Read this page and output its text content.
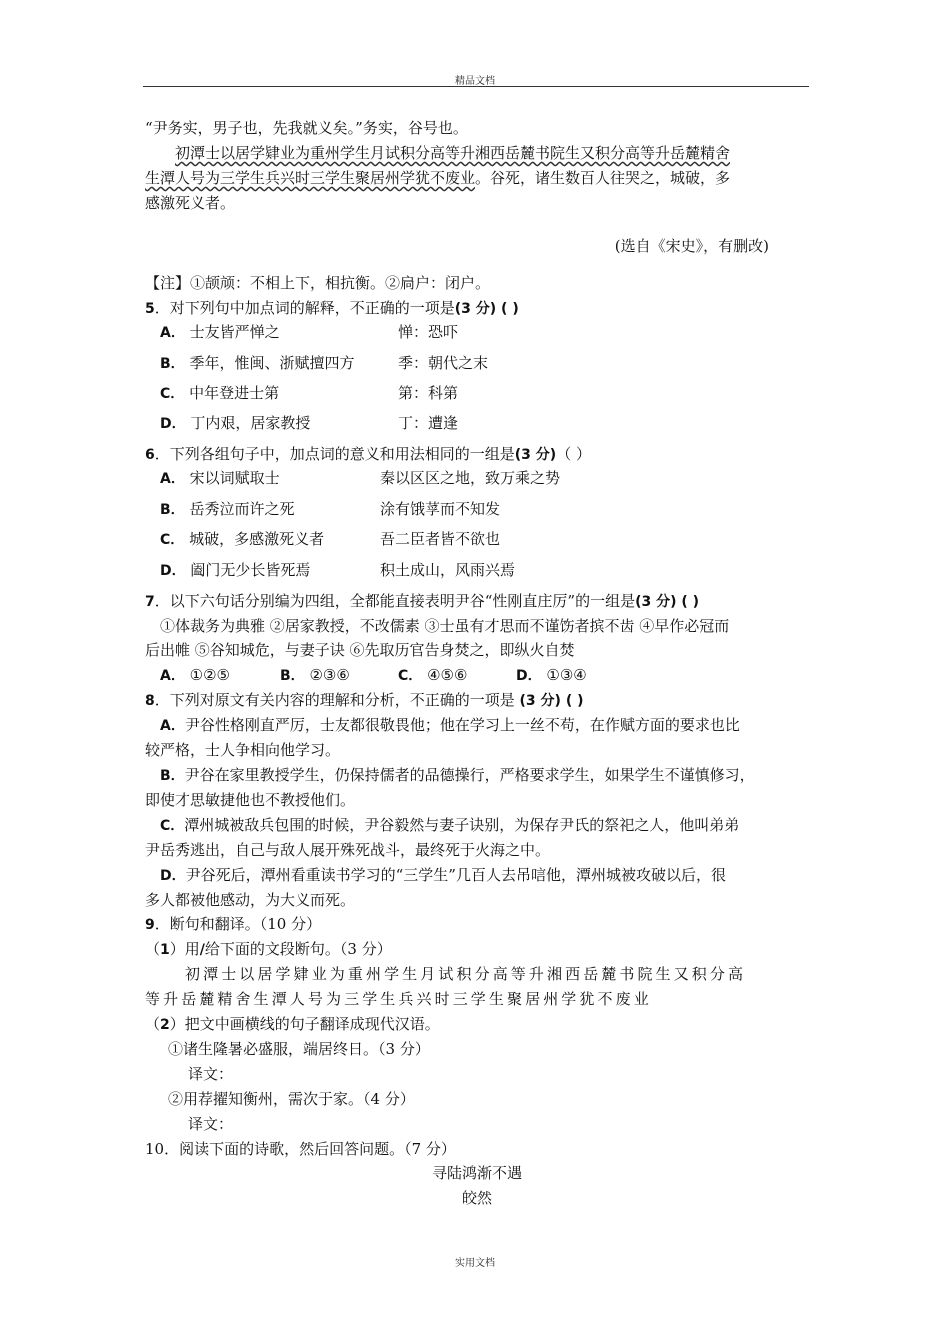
精品文档
“尹务实，男子也，先我就义矣。”务实，谷号也。
初潭士以居学肄业为重州学生月试积分高等升湘西岳麓书院生又积分高等升岳麓精舍
生潭人号为三学生兵兴时三学生聚居州学犹不废业。谷死，诸生数百人往哭之，城破，多
感激死义者。
(选自《宋史》，有删改)
【注】①颉颃：不相上下，相抗衡。②扃户：闭户。
5．对下列句中加点词的解释，不正确的一项是(3 分) ( )
A． 士友皆严惮之	惮：恐吓
B． 季年，惟闽、浙赋擅四方	季：朝代之末
C． 中年登进士第	第：科第
D． 丁内艰，居家教授	丁：遭逢
6．下列各组句子中，加点词的意义和用法相同的一组是(3 分)（ ）
A． 宋以词赋取士	秦以区区之地，致万乘之势
B． 岳秀泣而许之死	涂有饿莩而不知发
C． 城破，多感激死义者	吾二臣者皆不欲也
D． 阖门无少长皆死焉	积土成山，风雨兴焉
7．以下六句话分别编为四组，全都能直接表明尹谷“性刚直庄厉”的一组是(3 分) ( )
①体裁务为典雅 ②居家教授，不改儒素 ③士虽有才思而不谨饬者摈不齿 ④早作必冠而
后出帷 ⑤谷知城危，与妻子诀 ⑥先取历官告身焚之，即纵火自焚
A． ①②⑤	B． ②③⑥	C． ④⑤⑥	D． ①③④
8．下列对原文有关内容的理解和分析，不正确的一项是 (3 分) ( )
A．尹谷性格刚直严厉，士友都很敬畏他；他在学习上一丝不苟，在作赋方面的要求也比
较严格，士人争相向他学习。
B．尹谷在家里教授学生，仍保持儒者的品德操行，严格要求学生，如果学生不谨慎修习，
即使才思敏捷他也不教授他们。
C．潭州城被敌兵包围的时候，尹谷毅然与妻子诀别，为保存尹氏的祭祀之人，他叫弟弟
尹岳秀逃出，自己与敌人展开殊死战斗，最终死于火海之中。
D．尹谷死后，潭州看重读书学习的“三学生”几百人去吊唁他，潭州城被攻破以后，很
多人都被他感动，为大义而死。
9．断句和翻译。（10 分）
（1）用/给下面的文段断句。（3 分）
初潭士以居学肄业为重州学生月试积分高等升湘西岳麓书院生又积分高
等升岳麓精舍生潭人号为三学生兵兴时三学生聚居州学犹不废业
（2）把文中画横线的句子翻译成现代汉语。
①诸生隆暑必盛服，端居终日。（3 分）
译文：
②用荐擢知衡州，需次于家。（4 分）
译文：
10．阅读下面的诗歌，然后回答问题。（7 分）
寻陆鸿渐不遇
皎然
实用文档
